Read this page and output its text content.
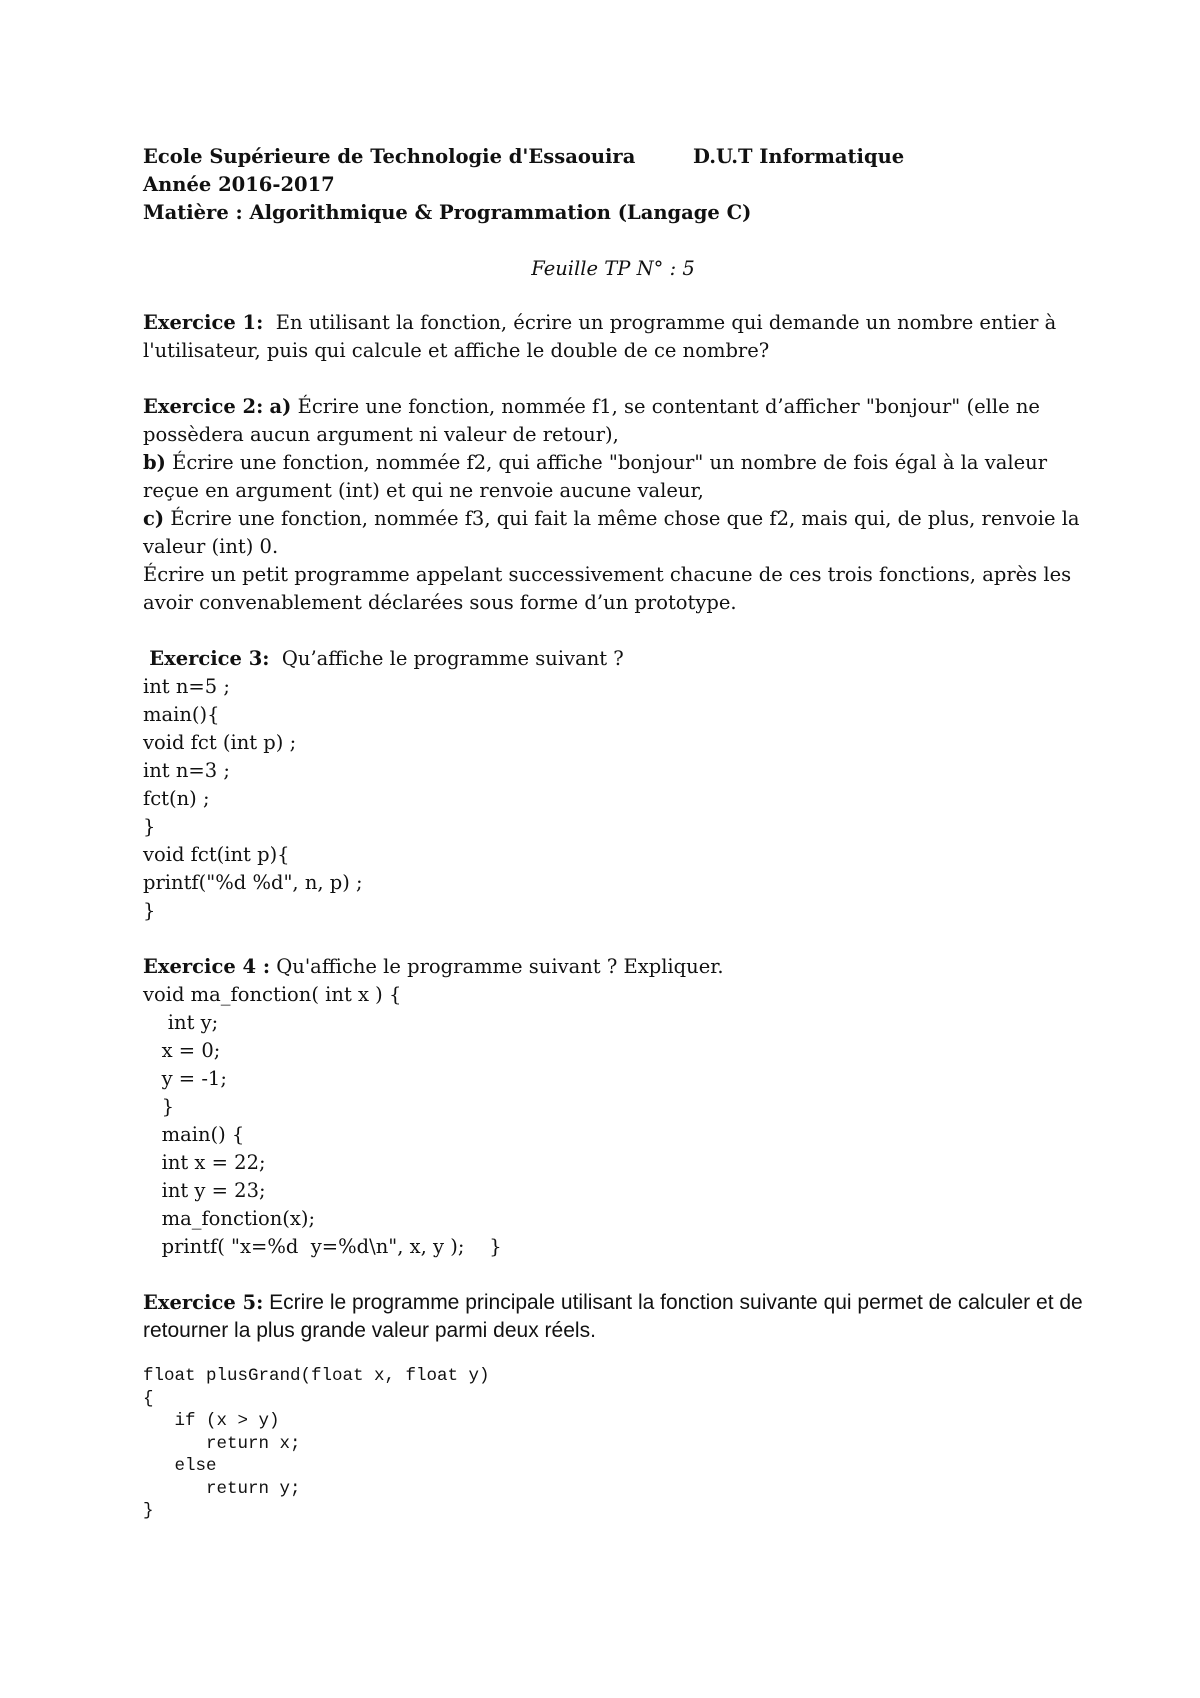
Ecole Supérieure de Technologie d'Essaouira	D.U.T Informatique
Année 2016-2017
Matière : Algorithmique & Programmation (Langage C)
Feuille TP N° : 5

Exercice 1: En utilisant la fonction, écrire un programme qui demande un nombre entier à l'utilisateur, puis qui calcule et affiche le double de ce nombre?

Exercice 2: a) Écrire une fonction, nommée f1, se contentant d’afficher "bonjour" (elle ne possèdera aucun argument ni valeur de retour),

b) Écrire une fonction, nommée f2, qui affiche "bonjour" un nombre de fois égal à la valeur reçue en argument (int) et qui ne renvoie aucune valeur,

c) Écrire une fonction, nommée f3, qui fait la même chose que f2, mais qui, de plus, renvoie la valeur (int) 0.

Écrire un petit programme appelant successivement chacune de ces trois fonctions, après les avoir convenablement déclarées sous forme d’un prototype.

Exercice 3: Qu’affiche le programme suivant ?

int n=5 ;
main(){
void fct (int p) ;
int n=3 ;
fct(n) ;
}
void fct(int p){
printf("%d %d", n, p) ;
}

Exercice 4 : Qu'affiche le programme suivant ? Expliquer.

void ma_fonction( int x ) {
int y;
x = 0;
y = -1;
}
main() {
int x = 22;
int y = 23;
ma_fonction(x);
printf( "x=%d  y=%d\n", x, y );    }

Exercice 5: Ecrire le programme principale utilisant la fonction suivante qui permet de calculer et de retourner la plus grande valeur parmi deux réels.

float plusGrand(float x, float y)
{
if (x > y)
return x;
else
return y;
}
